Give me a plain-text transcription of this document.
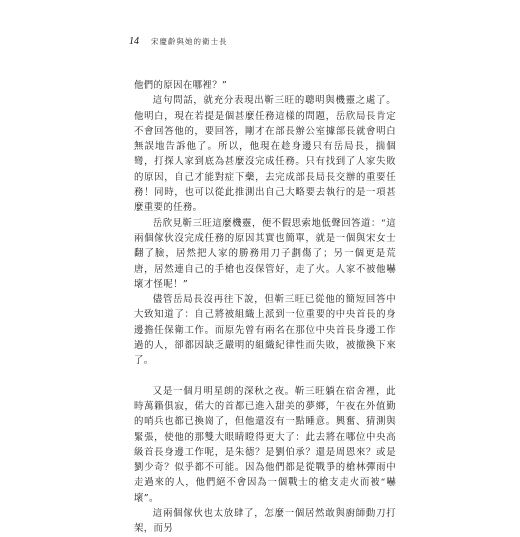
14 宋慶齡與她的衛士長

他們的原因在哪裡？”

這句問話，就充分表現出靳三旺的聰明與機靈之處了。他明白，現在若提是個甚麼任務這樣的問題，岳欣局長肯定不會回答他的，要回答，剛才在部長辦公室據部長就會明白無誤地告訴他了。所以，他現在趁身邊只有岳局長，揣個彎，打探人家到底為甚麼沒完成任務。只有找到了人家失敗的原因，自己才能對症下藥，去完成部長局長交辦的重要任務！同時，也可以從此推測出自己大略要去執行的是一項甚麼重要的任務。

岳欣見靳三旺這麼機靈，便不假思索地低聲回答道：“這兩個傢伙沒完成任務的原因其實也簡單，就是一個與宋女士翻了臉，居然把人家的勝務用刀子劃傷了；另一個更是荒唐，居然連自己的手槍也沒保管好，走了火。人家不被他嚇壞才怪呢！”

儘管岳局長沒再往下說，但靳三旺已從他的簡短回答中大致知道了：自己將被組織上派到一位重要的中央首長的身邊擔任保衛工作。而原先曾有兩名在那位中央首長身邊工作過的人，卻都因缺乏嚴明的組織紀律性而失敗，被撤換下來了。

又是一個月明星朗的深秋之夜。靳三旺躺在宿舍裡，此時萬籟俱寂，偌大的首都已進入甜美的夢鄉，午夜在外值勤的哨兵也都已換崗了，但他還沒有一點睡意。興奮、猜測與緊張，使他的那雙大眼睛瞪得更大了：此去將在哪位中央高級首長身邊工作呢，是朱德？是劉伯承？還是周恩來？或是劉少奇？似乎都不可能。因為他們都是從戰爭的槍林彈雨中走過來的人，他們絕不會因為一個戰士的槍支走火而被“嚇壞”。

這兩個傢伙也太放肆了，怎麼一個居然敢與廚師動刀打架，而另
